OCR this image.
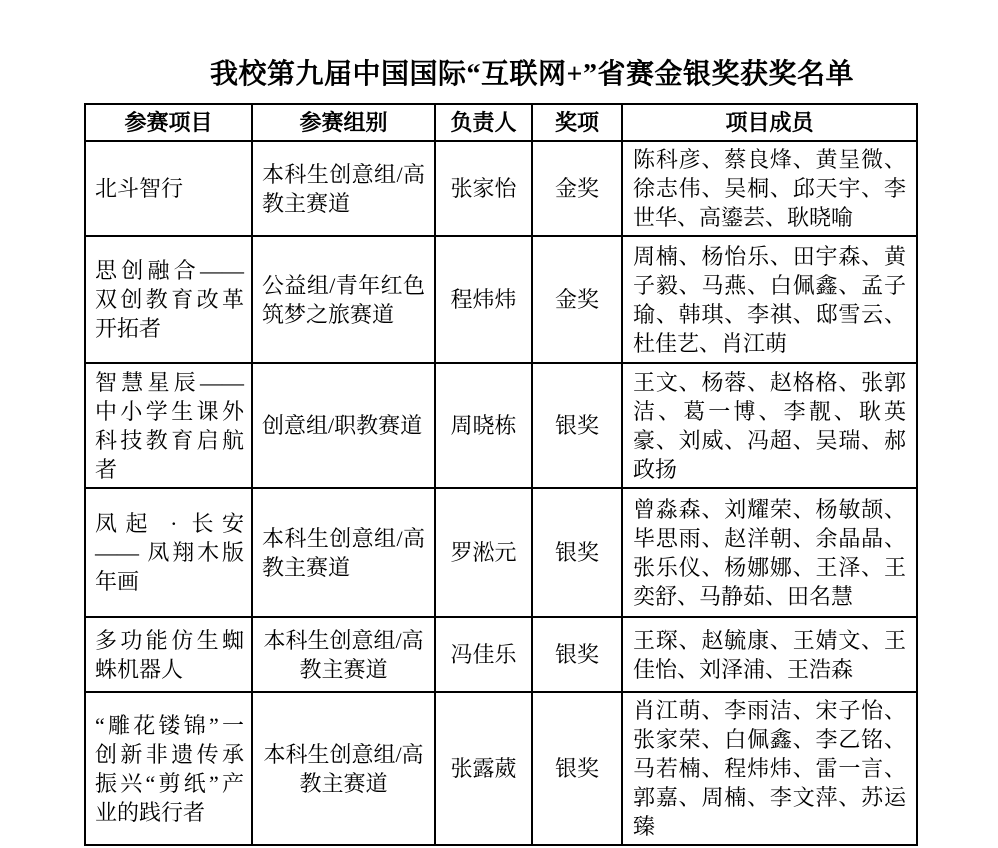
我校第九届中国国际“互联网+”省赛金银奖获奖名单
参赛项目	参赛组别	负责人	奖项	项目成员
北斗智行	本科生创意组/高教主赛道	张家怡	金奖	陈科彦、蔡良烽、黄呈微、徐志伟、吴桐、邱天宇、李世华、高鎏芸、耿晓喻
思创融合——双创教育改革开拓者	公益组/青年红色筑梦之旅赛道	程炜炜	金奖	周楠、杨怡乐、田宇森、黄子毅、马燕、白佩鑫、孟子瑜、韩琪、李祺、邸雪云、杜佳艺、肖江萌
智慧星辰——中小学生课外科技教育启航者	创意组/职教赛道	周晓栋	银奖	王文、杨蓉、赵格格、张郭洁、葛一博、李靓、耿英豪、刘威、冯超、吴瑞、郝政扬
凤起 · 长安—— 凤翔木版年画	本科生创意组/高教主赛道	罗淞元	银奖	曾淼森、刘耀荣、杨敏颉、毕思雨、赵洋朝、余晶晶、张乐仪、杨娜娜、王泽、王奕舒、马静茹、田名慧
多功能仿生蜘蛛机器人	本科生创意组/高教主赛道	冯佳乐	银奖	王琛、赵毓康、王婧文、王佳怡、刘泽浦、王浩森
“雕花镂锦”一创新非遗传承振兴“剪纸”产业的践行者	本科生创意组/高教主赛道	张露葳	银奖	肖江萌、李雨洁、宋子怡、张家荣、白佩鑫、李乙铭、马若楠、程炜炜、雷一言、郭嘉、周楠、李文萍、苏运臻
